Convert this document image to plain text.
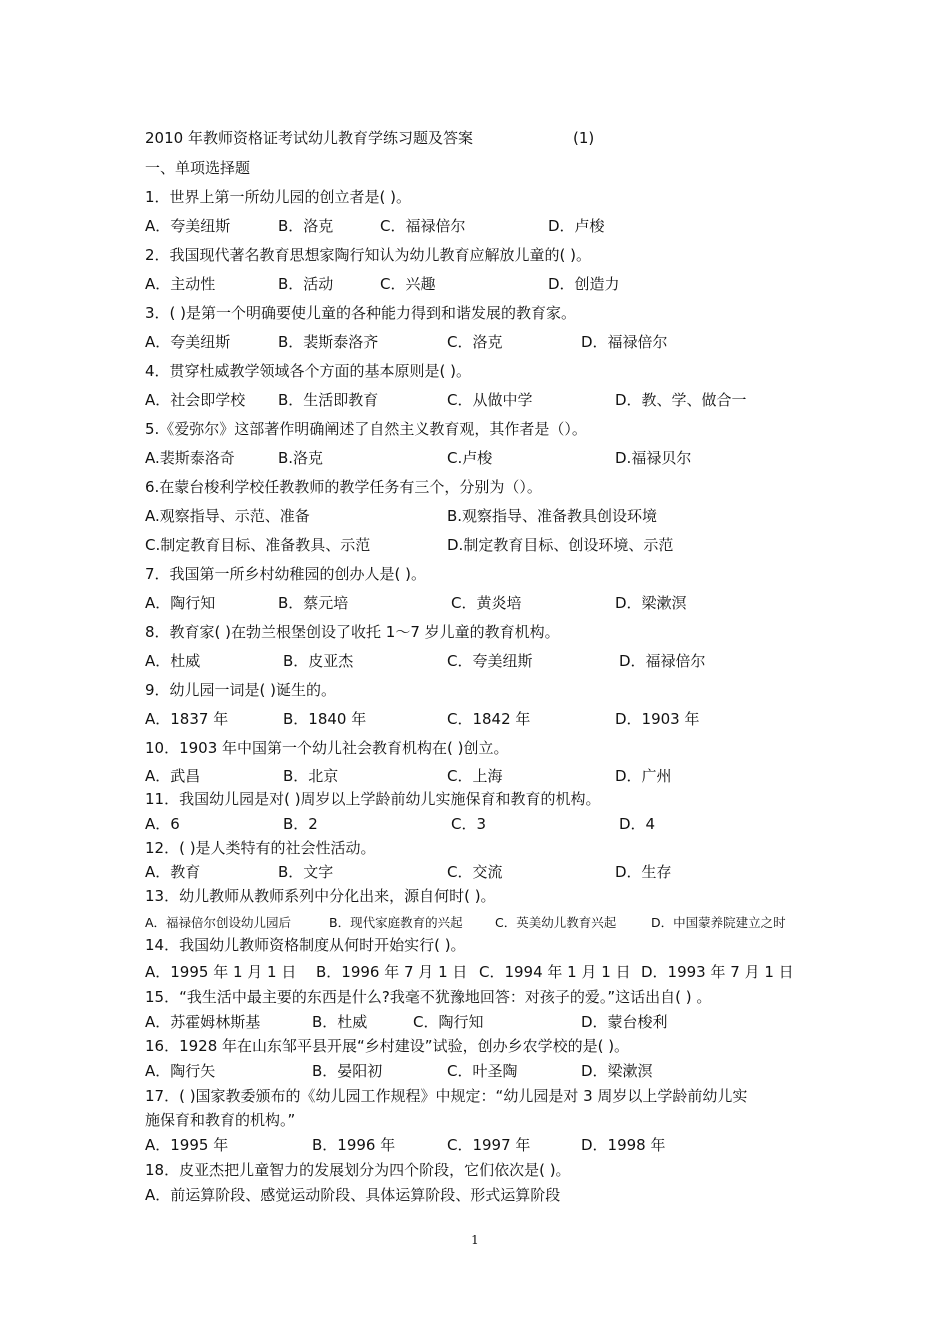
2010 年教师资格证考试幼儿教育学练习题及答案	(1)
一、单项选择题
1．世界上第一所幼儿园的创立者是( )。
A．夸美纽斯	B．洛克	C．福禄倍尔	D．卢梭
2．我国现代著名教育思想家陶行知认为幼儿教育应解放儿童的( )。
A．主动性	B．活动	C．兴趣	D．创造力
3．( )是第一个明确要使儿童的各种能力得到和谐发展的教育家。
A．夸美纽斯	B．裴斯泰洛齐	C．洛克	D．福禄倍尔
4．贯穿杜威教学领域各个方面的基本原则是( )。
A．社会即学校 B．生活即教育	C．从做中学	D．教、学、做合一
5.《爱弥尔》这部著作明确阐述了自然主义教育观，其作者是（）。
A.裴斯泰洛奇	B.洛克	C.卢梭	D.福禄贝尔
6.在蒙台梭利学校任教教师的教学任务有三个，分别为（）。
A.观察指导、示范、准备	B.观察指导、准备教具创设环境
C.制定教育目标、准备教具、示范	D.制定教育目标、创设环境、示范
7．我国第一所乡村幼稚园的创办人是( )。
A．陶行知	B．蔡元培	C．黄炎培	D．梁漱溟
8．教育家( )在勃兰根堡创设了收托 1～7 岁儿童的教育机构。
A．杜威	B．皮亚杰	C．夸美纽斯	D．福禄倍尔
9．幼儿园一词是( )诞生的。
A．1837 年	B．1840 年	C．1842 年	D．1903 年
10．1903 年中国第一个幼儿社会教育机构在( )创立。
A．武昌	B．北京	C．上海	D．广州
11．我国幼儿园是对( )周岁以上学龄前幼儿实施保育和教育的机构。
A．6	B．2	C．3	D．4
12．( )是人类特有的社会性活动。
A．教育	B．文字	C．交流	D．生存
13．幼儿教师从教师系列中分化出来，源自何时( )。
A．福禄倍尔创设幼儿园后	B．现代家庭教育的兴起	C．英美幼儿教育兴起	D．中国蒙养院建立之时
14．我国幼儿教师资格制度从何时开始实行( )。
A．1995 年 1 月 1 日 B．1996 年 7 月 1 日 C．1994 年 1 月 1 日 D．1993 年 7 月 1 日
15．“我生活中最主要的东西是什么?我毫不犹豫地回答：对孩子的爱。”这话出自( ) 。
A．苏霍姆林斯基	B．杜威	C．陶行知	D．蒙台梭利
16．1928 年在山东邹平县开展“乡村建设”试验，创办乡农学校的是( )。
A．陶行矢	B．晏阳初	C．叶圣陶	D．梁漱溟
17．( )国家教委颁布的《幼儿园工作规程》中规定：“幼儿园是对 3 周岁以上学龄前幼儿实
施保育和教育的机构。”
A．1995 年	B．1996 年	C．1997 年	D．1998 年
18．皮亚杰把儿童智力的发展划分为四个阶段，它们依次是( )。
A．前运算阶段、感觉运动阶段、具体运算阶段、形式运算阶段
1
